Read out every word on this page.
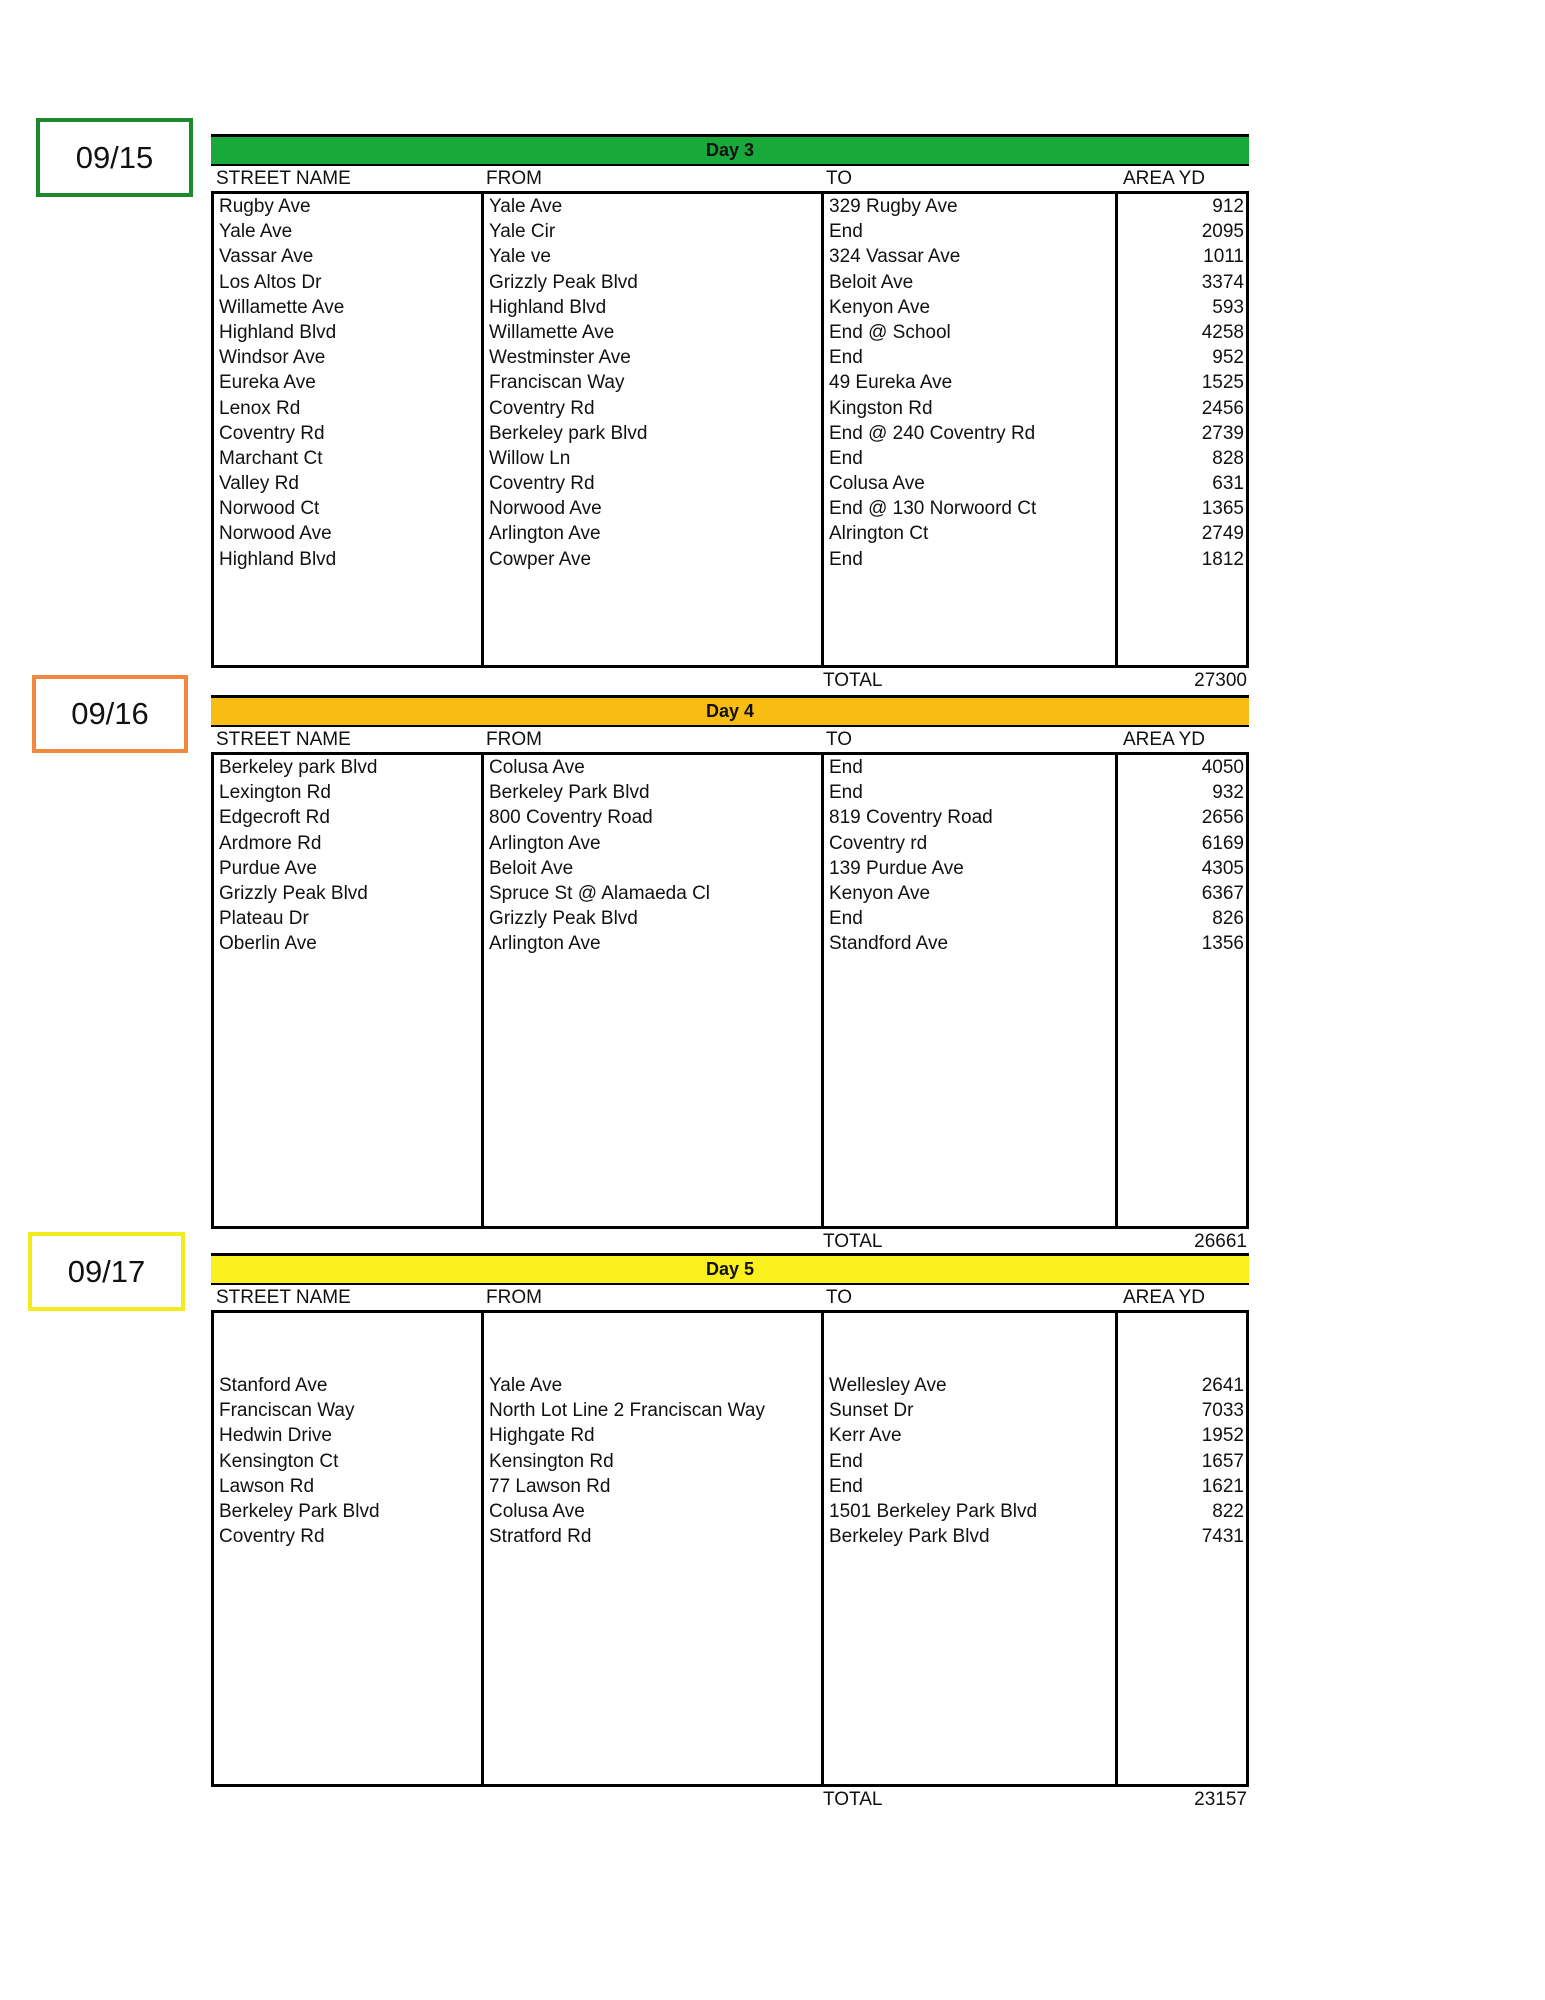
09/15
09/16
09/17
Day 3
STREET NAME	FROM	TO	AREA YD
Rugby Ave	Yale Ave	329 Rugby Ave	912
Yale Ave	Yale Cir	End	2095
Vassar Ave	Yale ve	324 Vassar Ave	1011
Los Altos Dr	Grizzly Peak Blvd	Beloit Ave	3374
Willamette Ave	Highland Blvd	Kenyon Ave	593
Highland Blvd	Willamette Ave	End @ School	4258
Windsor Ave	Westminster Ave	End	952
Eureka Ave	Franciscan Way	49 Eureka Ave	1525
Lenox Rd	Coventry Rd	Kingston Rd	2456
Coventry Rd	Berkeley park Blvd	End @ 240 Coventry Rd	2739
Marchant Ct	Willow Ln	End	828
Valley Rd	Coventry Rd	Colusa Ave	631
Norwood Ct	Norwood Ave	End @ 130 Norwoord Ct	1365
Norwood Ave	Arlington Ave	Alrington Ct	2749
Highland Blvd	Cowper Ave	End	1812
TOTAL	27300
Day 4
STREET NAME	FROM	TO	AREA YD
Berkeley park Blvd	Colusa Ave	End	4050
Lexington Rd	Berkeley Park Blvd	End	932
Edgecroft Rd	800 Coventry Road	819 Coventry Road	2656
Ardmore Rd	Arlington Ave	Coventry rd	6169
Purdue Ave	Beloit Ave	139 Purdue Ave	4305
Grizzly Peak Blvd	Spruce St @ Alamaeda Cl	Kenyon Ave	6367
Plateau Dr	Grizzly Peak Blvd	End	826
Oberlin Ave	Arlington Ave	Standford Ave	1356
TOTAL	26661
Day 5
STREET NAME	FROM	TO	AREA YD
Stanford Ave	Yale Ave	Wellesley Ave	2641
Franciscan Way	North Lot Line 2 Franciscan Way	Sunset Dr	7033
Hedwin Drive	Highgate Rd	Kerr Ave	1952
Kensington Ct	Kensington Rd	End	1657
Lawson Rd	77 Lawson Rd	End	1621
Berkeley Park Blvd	Colusa Ave	1501 Berkeley Park Blvd	822
Coventry Rd	Stratford Rd	Berkeley Park Blvd	7431
TOTAL	23157
